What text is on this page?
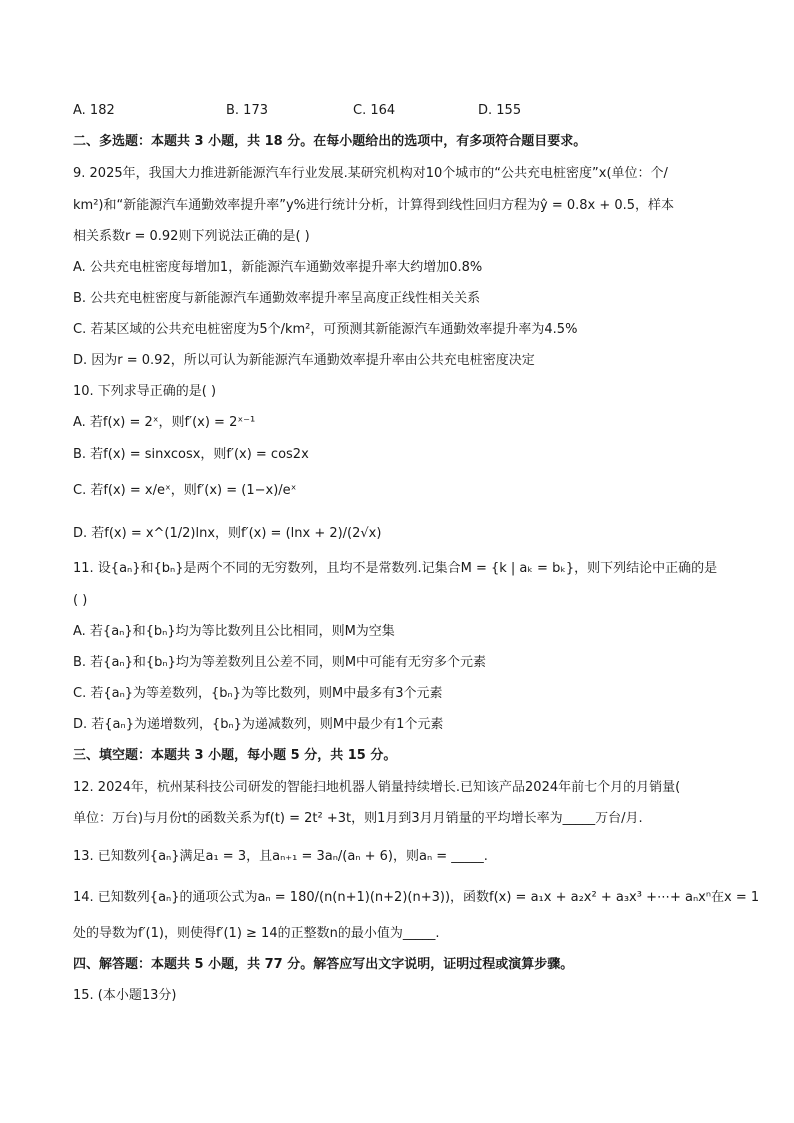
A. 182	B. 173	C. 164	D. 155
二、多选题：本题共 3 小题，共 18 分。在每小题给出的选项中，有多项符合题目要求。
9. 2025年，我国大力推进新能源汽车行业发展.某研究机构对10个城市的“公共充电桩密度”x(单位：个/
km²)和“新能源汽车通勤效率提升率”y%进行统计分析，计算得到线性回归方程为ŷ = 0.8x + 0.5，样本
相关系数r = 0.92则下列说法正确的是( )
A. 公共充电桩密度每增加1，新能源汽车通勤效率提升率大约增加0.8%
B. 公共充电桩密度与新能源汽车通勤效率提升率呈高度正线性相关关系
C. 若某区域的公共充电桩密度为5个/km²，可预测其新能源汽车通勤效率提升率为4.5%
D. 因为r = 0.92，所以可认为新能源汽车通勤效率提升率由公共充电桩密度决定
10. 下列求导正确的是( )
A. 若f(x) = 2ˣ，则f′(x) = 2ˣ⁻¹
B. 若f(x) = sinxcosx，则f′(x) = cos2x
C. 若f(x) = x/eˣ，则f′(x) = (1−x)/eˣ
D. 若f(x) = x^(1/2)lnx，则f′(x) = (lnx + 2)/(2√x)
11. 设{aₙ}和{bₙ}是两个不同的无穷数列，且均不是常数列.记集合M = {k | aₖ = bₖ}，则下列结论中正确的是
( )
A. 若{aₙ}和{bₙ}均为等比数列且公比相同，则M为空集
B. 若{aₙ}和{bₙ}均为等差数列且公差不同，则M中可能有无穷多个元素
C. 若{aₙ}为等差数列，{bₙ}为等比数列，则M中最多有3个元素
D. 若{aₙ}为递增数列，{bₙ}为递减数列，则M中最少有1个元素
三、填空题：本题共 3 小题，每小题 5 分，共 15 分。
12. 2024年，杭州某科技公司研发的智能扫地机器人销量持续增长.已知该产品2024年前七个月的月销量(
单位：万台)与月份t的函数关系为f(t) = 2t² +3t，则1月到3月月销量的平均增长率为_____万台/月.
13. 已知数列{aₙ}满足a₁ = 3，且aₙ₊₁ = 3aₙ/(aₙ + 6)，则aₙ = _____.
14. 已知数列{aₙ}的通项公式为aₙ = 180/(n(n+1)(n+2)(n+3))，函数f(x) = a₁x + a₂x² + a₃x³ +⋯+ aₙxⁿ在x = 1
处的导数为f′(1)，则使得f′(1) ≥ 14的正整数n的最小值为_____.
四、解答题：本题共 5 小题，共 77 分。解答应写出文字说明，证明过程或演算步骤。
15. (本小题13分)
